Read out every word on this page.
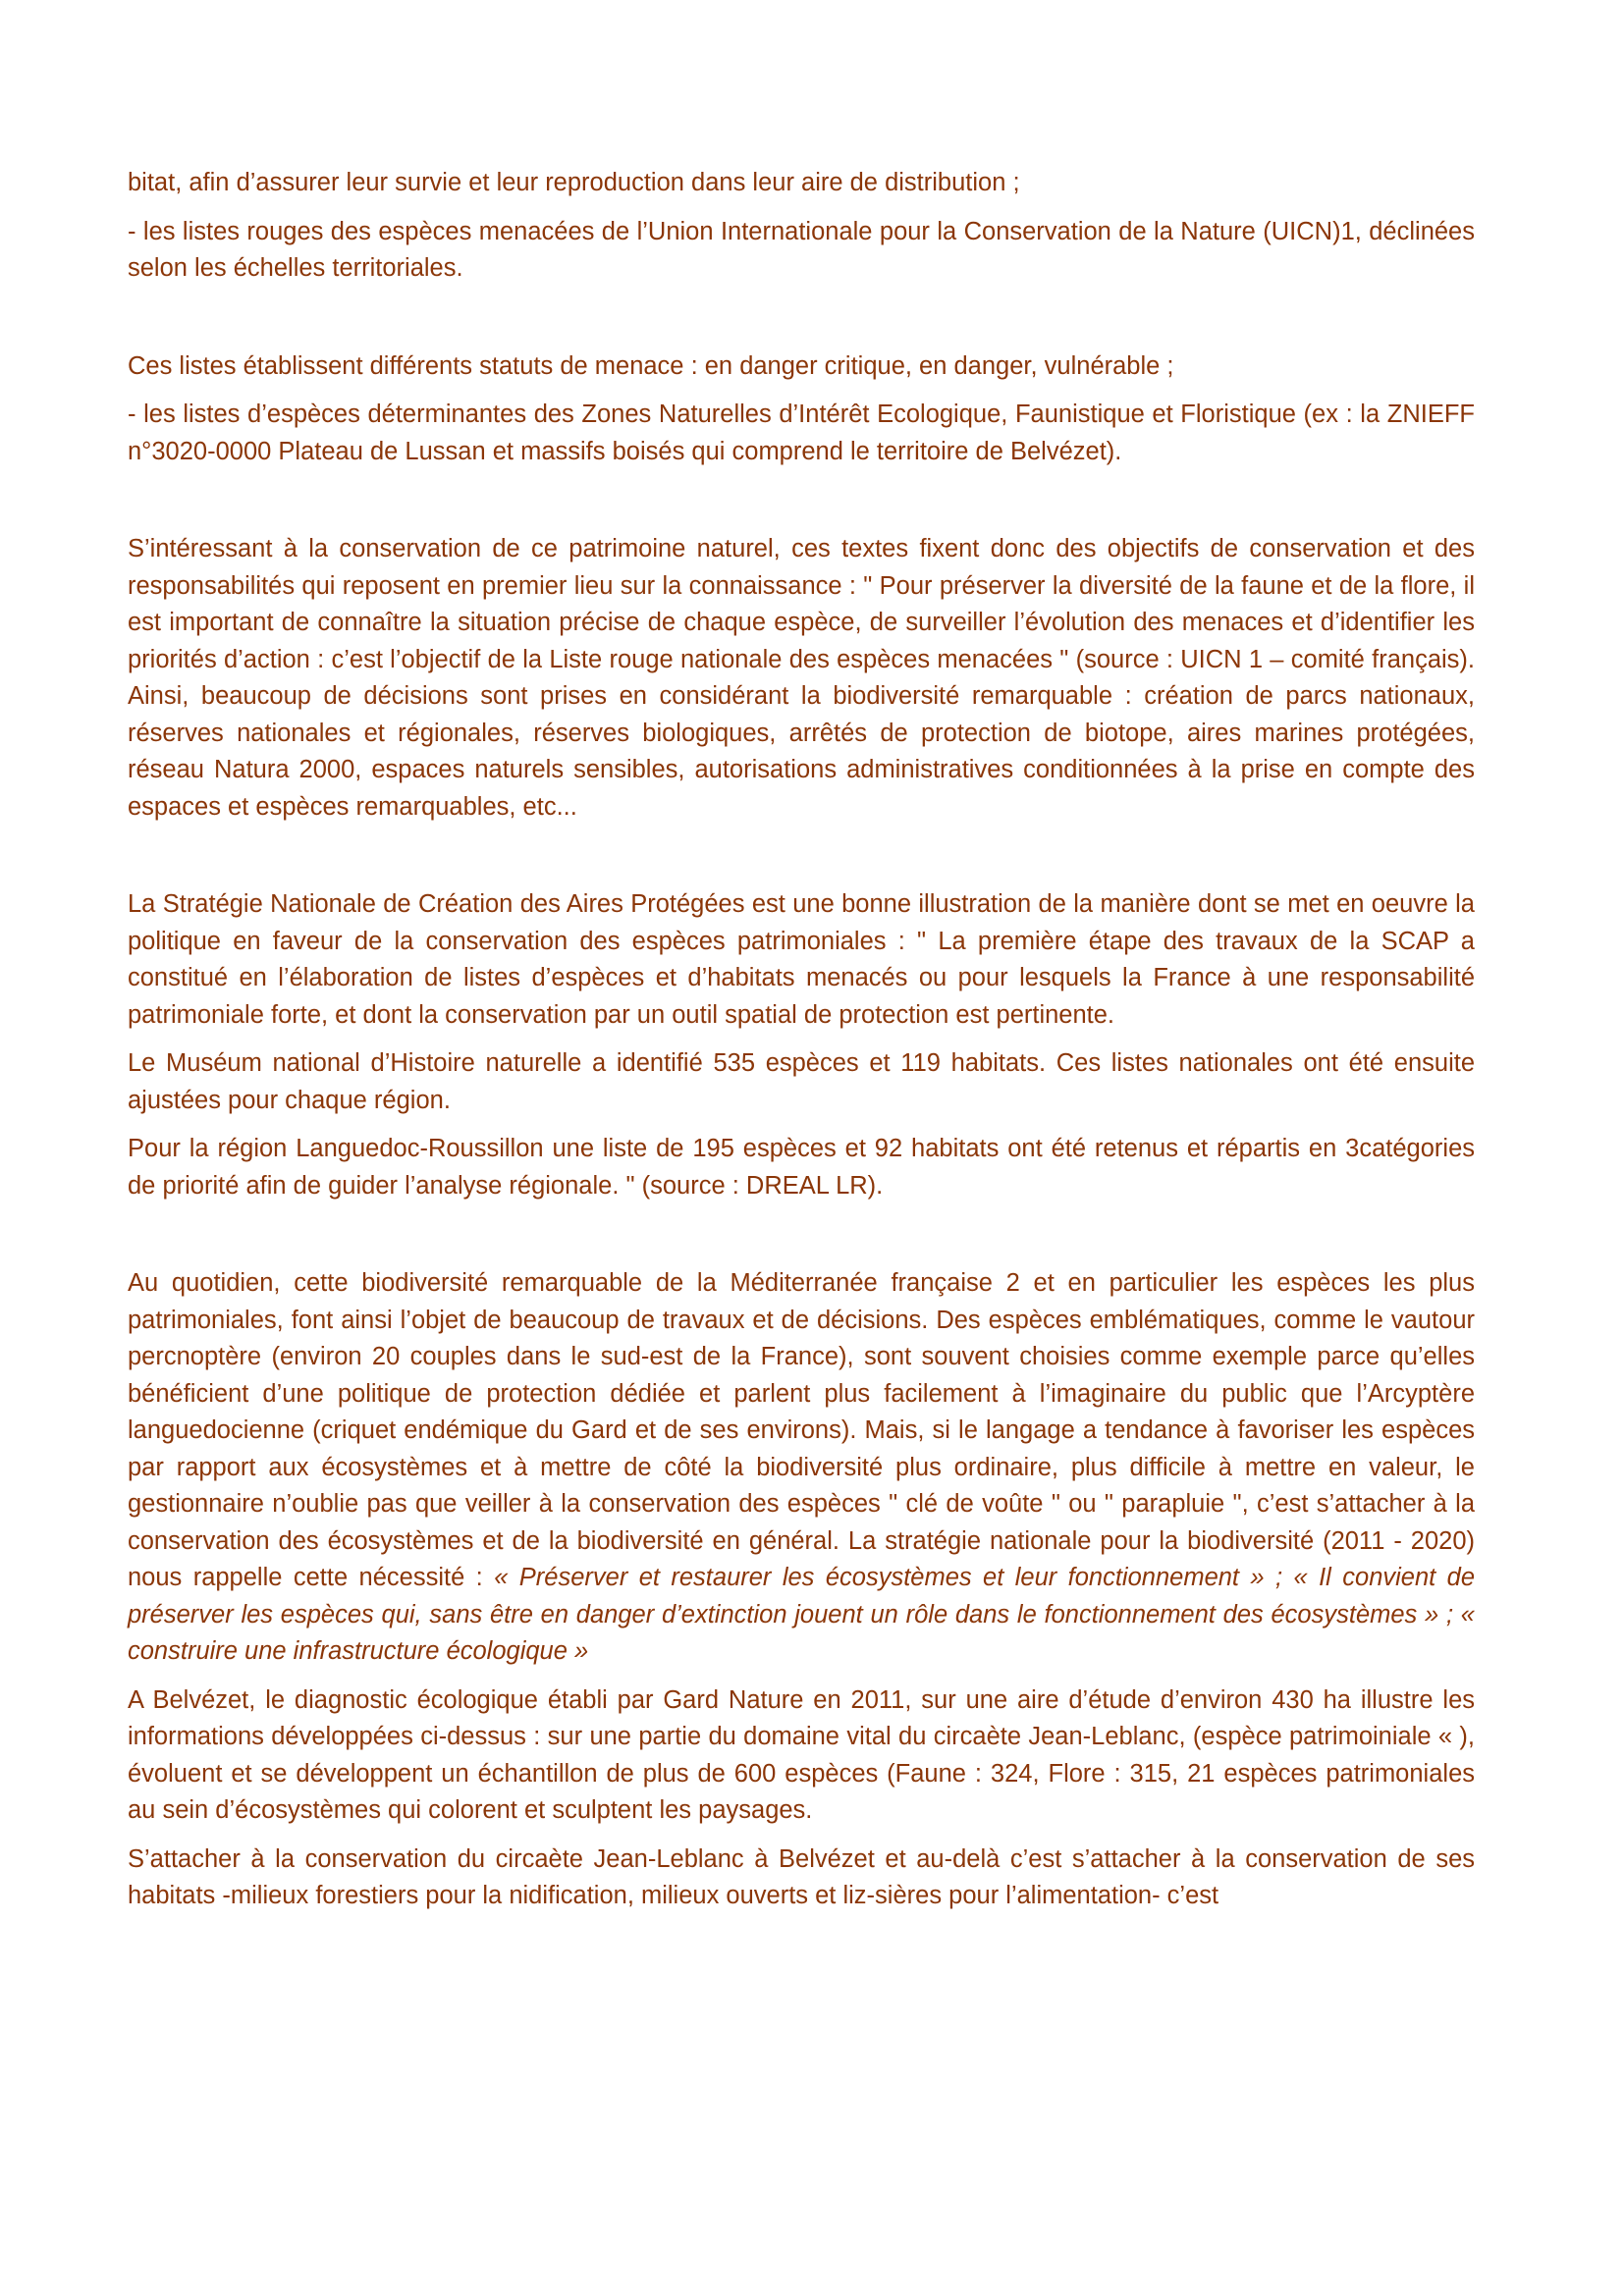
bitat, afin d’assurer leur survie et leur reproduction dans leur aire de distribution ;

- les listes rouges des espèces menacées de l’Union Internationale pour la Conservation de la Nature (UICN)1, déclinées selon les échelles territoriales.

Ces listes établissent différents statuts de menace : en danger critique, en danger, vulnérable ;

- les listes d’espèces déterminantes des Zones Naturelles d’Intérêt Ecologique, Faunistique et Floristique (ex : la ZNIEFF n°3020-0000 Plateau de Lussan et massifs boisés qui comprend le territoire de Belvézet).

S’intéressant à la conservation de ce patrimoine naturel, ces textes fixent donc des objectifs de conservation et des responsabilités qui reposent en premier lieu sur la connaissance : " Pour préserver la diversité de la faune et de la flore, il est important de connaître la situation précise de chaque espèce, de surveiller l’évolution des menaces et d’identifier les priorités d’action : c’est l’objectif de la Liste rouge nationale des espèces menacées " (source : UICN 1 – comité français). Ainsi, beaucoup de décisions sont prises en considérant la biodiversité remarquable : création de parcs nationaux, réserves nationales et régionales, réserves biologiques, arrêtés de protection de biotope, aires marines protégées, réseau Natura 2000, espaces naturels sensibles, autorisations administratives conditionnées à la prise en compte des espaces et espèces remarquables, etc...

La Stratégie Nationale de Création des Aires Protégées est une bonne illustration de la manière dont se met en oeuvre la politique en faveur de la conservation des espèces patrimoniales : " La première étape des travaux de la SCAP a constitué en l’élaboration de listes d’espèces et d’habitats menacés ou pour lesquels la France à une responsabilité patrimoniale forte, et dont la conservation par un outil spatial de protection est pertinente.

Le Muséum national d’Histoire naturelle a identifié 535 espèces et 119 habitats. Ces listes nationales ont été ensuite ajustées pour chaque région.

Pour la région Languedoc-Roussillon une liste de 195 espèces et 92 habitats ont été retenus et répartis en 3catégories de priorité afin de guider l’analyse régionale. " (source : DREAL LR).

Au quotidien, cette biodiversité remarquable de la Méditerranée française 2 et en particulier les espèces les plus patrimoniales, font ainsi l’objet de beaucoup de travaux et de décisions. Des espèces emblématiques, comme le vautour percnoptère (environ 20 couples dans le sud-est de la France), sont souvent choisies comme exemple parce qu’elles bénéficient d’une politique de protection dédiée et parlent plus facilement à l’imaginaire du public que l’Arcyptère languedocienne (criquet endémique du Gard et de ses environs). Mais, si le langage a tendance à favoriser les espèces par rapport aux écosystèmes et à mettre de côté la biodiversité plus ordinaire, plus difficile à mettre en valeur, le gestionnaire n’oublie pas que veiller à la conservation des espèces " clé de voûte " ou " parapluie ", c’est s’attacher à la conservation des écosystèmes et de la biodiversité en général. La stratégie nationale pour la biodiversité (2011 - 2020) nous rappelle cette nécessité : « Préserver et restaurer les écosystèmes et leur fonctionnement » ; « Il convient de préserver les espèces qui, sans être en danger d’extinction jouent un rôle dans le fonctionnement des écosystèmes » ; « construire une infrastructure écologique »

A Belvézet, le diagnostic écologique établi par Gard Nature en 2011, sur une aire d’étude d’environ 430 ha illustre les informations développées ci-dessus : sur une partie du domaine vital du circaète Jean-Leblanc, (espèce patrimoiniale « ), évoluent et se développent un échantillon de plus de 600 espèces (Faune : 324, Flore : 315, 21 espèces patrimoniales au sein d’écosystèmes qui colorent et sculptent les paysages.

S’attacher à la conservation du circaète Jean-Leblanc à Belvézet et au-delà c’est s’attacher à la conservation de ses habitats -milieux forestiers pour la nidification, milieux ouverts et liz-sières pour l’alimentation- c’est
